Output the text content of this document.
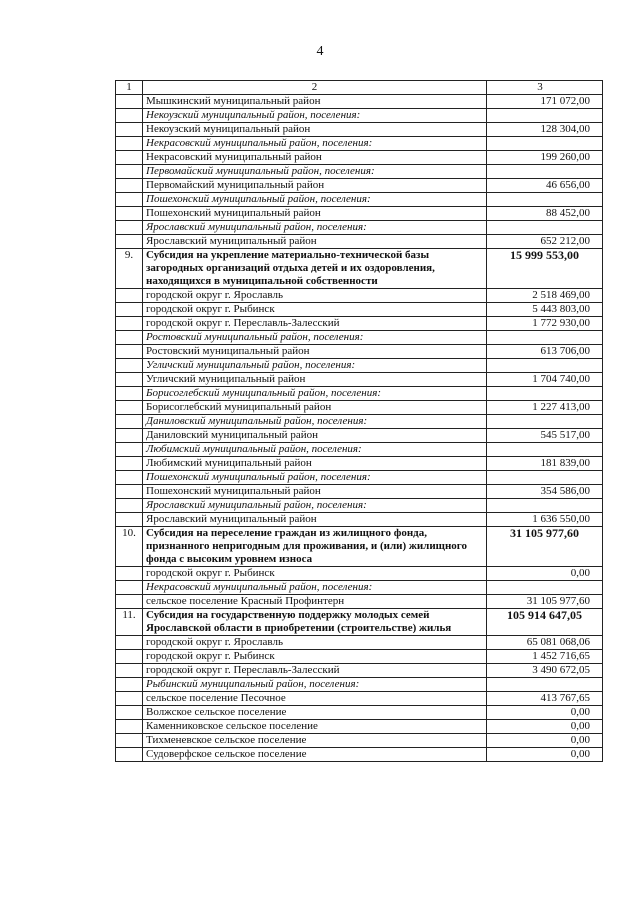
4
1	2	3
	Мышкинский муниципальный район	171 072,00
	Некоузский муниципальный район, поселения:	
	Некоузский муниципальный район	128 304,00
	Некрасовский муниципальный район, поселения:	
	Некрасовский муниципальный район	199 260,00
	Первомайский муниципальный район, поселения:	
	Первомайский муниципальный район	46 656,00
	Пошехонский муниципальный район, поселения:	
	Пошехонский муниципальный район	88 452,00
	Ярославский муниципальный район, поселения:	
	Ярославский муниципальный район	652 212,00
9.	Субсидия на укрепление материально-технической базы загородных организаций отдыха детей и их оздоровления, находящихся в муниципальной собственности	15 999 553,00
	городской округ г. Ярославль	2 518 469,00
	городской округ г. Рыбинск	5 443 803,00
	городской округ г. Переславль-Залесский	1 772 930,00
	Ростовский муниципальный район, поселения:	
	Ростовский муниципальный район	613 706,00
	Угличский муниципальный район, поселения:	
	Угличский муниципальный район	1 704 740,00
	Борисоглебский муниципальный район, поселения:	
	Борисоглебский муниципальный район	1 227 413,00
	Даниловский муниципальный район, поселения:	
	Даниловский муниципальный район	545 517,00
	Любимский муниципальный район, поселения:	
	Любимский муниципальный район	181 839,00
	Пошехонский муниципальный район, поселения:	
	Пошехонский муниципальный район	354 586,00
	Ярославский муниципальный район, поселения:	
	Ярославский муниципальный район	1 636 550,00
10.	Субсидия на переселение граждан из жилищного фонда, признанного непригодным для проживания, и (или) жилищного фонда с высоким уровнем износа	31 105 977,60
	городской округ г. Рыбинск	0,00
	Некрасовский муниципальный район, поселения:	
	сельское поселение Красный Профинтерн	31 105 977,60
11.	Субсидия на государственную поддержку молодых семей Ярославской области в приобретении (строительстве) жилья	105 914 647,05
	городской округ г. Ярославль	65 081 068,06
	городской округ г. Рыбинск	1 452 716,65
	городской округ г. Переславль-Залесский	3 490 672,05
	Рыбинский муниципальный район, поселения:	
	сельское поселение Песочное	413 767,65
	Волжское сельское поселение	0,00
	Каменниковское сельское поселение	0,00
	Тихменевское сельское поселение	0,00
	Судоверфское сельское поселение	0,00
